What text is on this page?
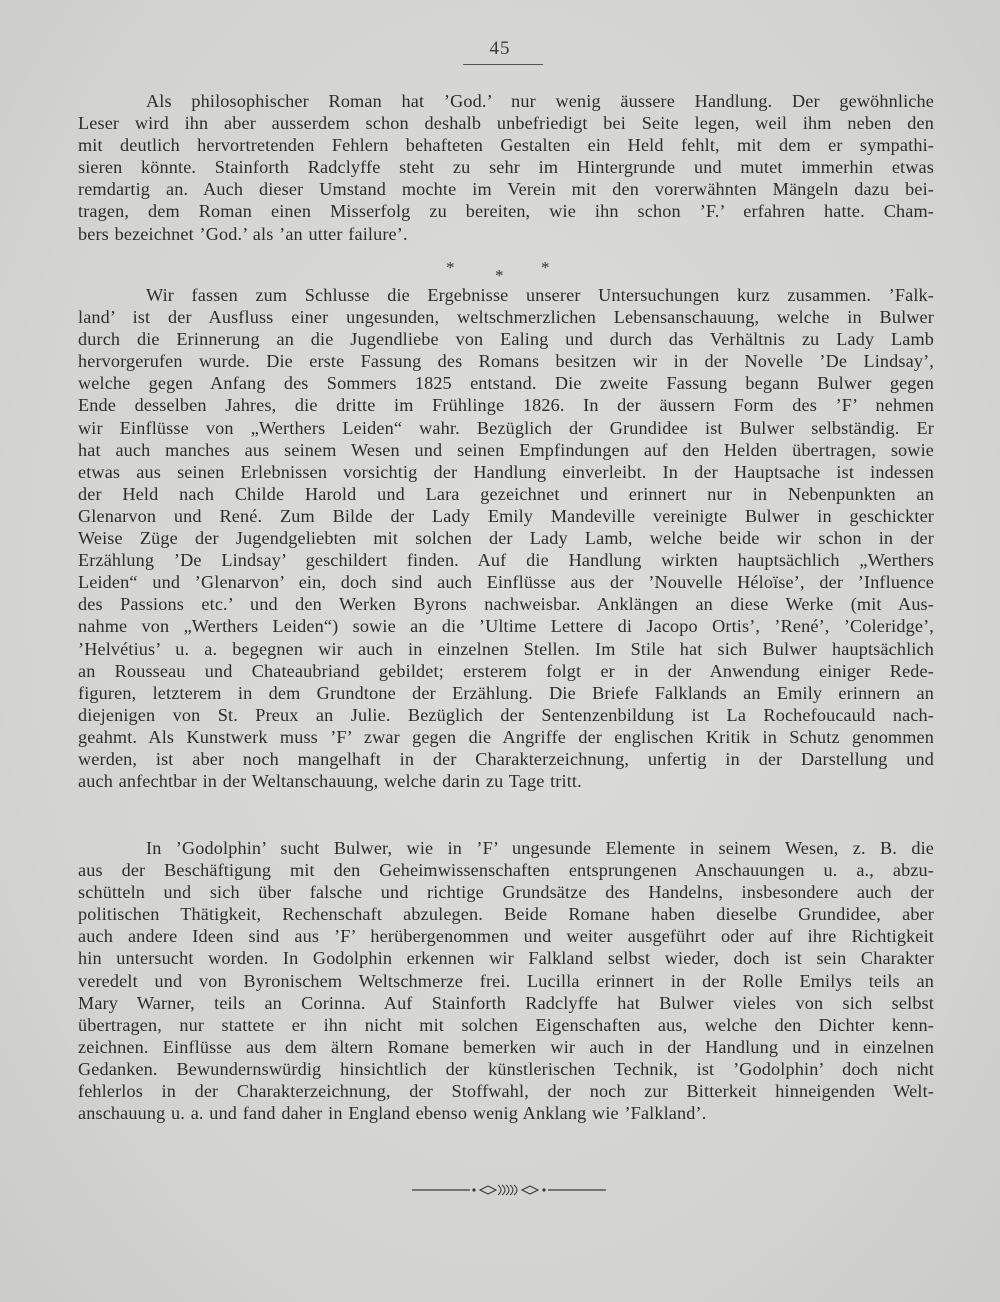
45
Als philosophischer Roman hat ’God.’ nur wenig äussere Handlung. Der gewöhnliche
Leser wird ihn aber ausserdem schon deshalb unbefriedigt bei Seite legen, weil ihm neben den
mit deutlich hervortretenden Fehlern behafteten Gestalten ein Held fehlt, mit dem er sympathi-
sieren könnte. Stainforth Radclyffe steht zu sehr im Hintergrunde und mutet immerhin etwas
remdartig an. Auch dieser Umstand mochte im Verein mit den vorerwähnten Mängeln dazu bei-
tragen, dem Roman einen Misserfolg zu bereiten, wie ihn schon ’F.’ erfahren hatte. Cham-
bers bezeichnet ’God.’ als ’an utter failure’.
* * *
Wir fassen zum Schlusse die Ergebnisse unserer Untersuchungen kurz zusammen. ’Falk-
land’ ist der Ausfluss einer ungesunden, weltschmerzlichen Lebensanschauung, welche in Bulwer
durch die Erinnerung an die Jugendliebe von Ealing und durch das Verhältnis zu Lady Lamb
hervorgerufen wurde. Die erste Fassung des Romans besitzen wir in der Novelle ’De Lindsay’,
welche gegen Anfang des Sommers 1825 entstand. Die zweite Fassung begann Bulwer gegen
Ende desselben Jahres, die dritte im Frühlinge 1826. In der äussern Form des ’F’ nehmen
wir Einflüsse von „Werthers Leiden“ wahr. Bezüglich der Grundidee ist Bulwer selbständig. Er
hat auch manches aus seinem Wesen und seinen Empfindungen auf den Helden übertragen, sowie
etwas aus seinen Erlebnissen vorsichtig der Handlung einverleibt. In der Hauptsache ist indessen
der Held nach Childe Harold und Lara gezeichnet und erinnert nur in Nebenpunkten an
Glenarvon und René. Zum Bilde der Lady Emily Mandeville vereinigte Bulwer in geschickter
Weise Züge der Jugendgeliebten mit solchen der Lady Lamb, welche beide wir schon in der
Erzählung ’De Lindsay’ geschildert finden. Auf die Handlung wirkten hauptsächlich „Werthers
Leiden“ und ’Glenarvon’ ein, doch sind auch Einflüsse aus der ’Nouvelle Héloïse’, der ’Influence
des Passions etc.’ und den Werken Byrons nachweisbar. Anklängen an diese Werke (mit Aus-
nahme von „Werthers Leiden“) sowie an die ’Ultime Lettere di Jacopo Ortis’, ’René’, ’Coleridge’,
’Helvétius’ u. a. begegnen wir auch in einzelnen Stellen. Im Stile hat sich Bulwer hauptsächlich
an Rousseau und Chateaubriand gebildet; ersterem folgt er in der Anwendung einiger Rede-
figuren, letzterem in dem Grundtone der Erzählung. Die Briefe Falklands an Emily erinnern an
diejenigen von St. Preux an Julie. Bezüglich der Sentenzenbildung ist La Rochefoucauld nach-
geahmt. Als Kunstwerk muss ’F’ zwar gegen die Angriffe der englischen Kritik in Schutz genommen
werden, ist aber noch mangelhaft in der Charakterzeichnung, unfertig in der Darstellung und
auch anfechtbar in der Weltanschauung, welche darin zu Tage tritt.
In ’Godolphin’ sucht Bulwer, wie in ’F’ ungesunde Elemente in seinem Wesen, z. B. die
aus der Beschäftigung mit den Geheimwissenschaften entsprungenen Anschauungen u. a., abzu-
schütteln und sich über falsche und richtige Grundsätze des Handelns, insbesondere auch der
politischen Thätigkeit, Rechenschaft abzulegen. Beide Romane haben dieselbe Grundidee, aber
auch andere Ideen sind aus ’F’ herübergenommen und weiter ausgeführt oder auf ihre Richtigkeit
hin untersucht worden. In Godolphin erkennen wir Falkland selbst wieder, doch ist sein Charakter
veredelt und von Byronischem Weltschmerze frei. Lucilla erinnert in der Rolle Emilys teils an
Mary Warner, teils an Corinna. Auf Stainforth Radclyffe hat Bulwer vieles von sich selbst
übertragen, nur stattete er ihn nicht mit solchen Eigenschaften aus, welche den Dichter kenn-
zeichnen. Einflüsse aus dem ältern Romane bemerken wir auch in der Handlung und in einzelnen
Gedanken. Bewundernswürdig hinsichtlich der künstlerischen Technik, ist ’Godolphin’ doch nicht
fehlerlos in der Charakterzeichnung, der Stoffwahl, der noch zur Bitterkeit hinneigenden Welt-
anschauung u. a. und fand daher in England ebenso wenig Anklang wie ’Falkland’.
